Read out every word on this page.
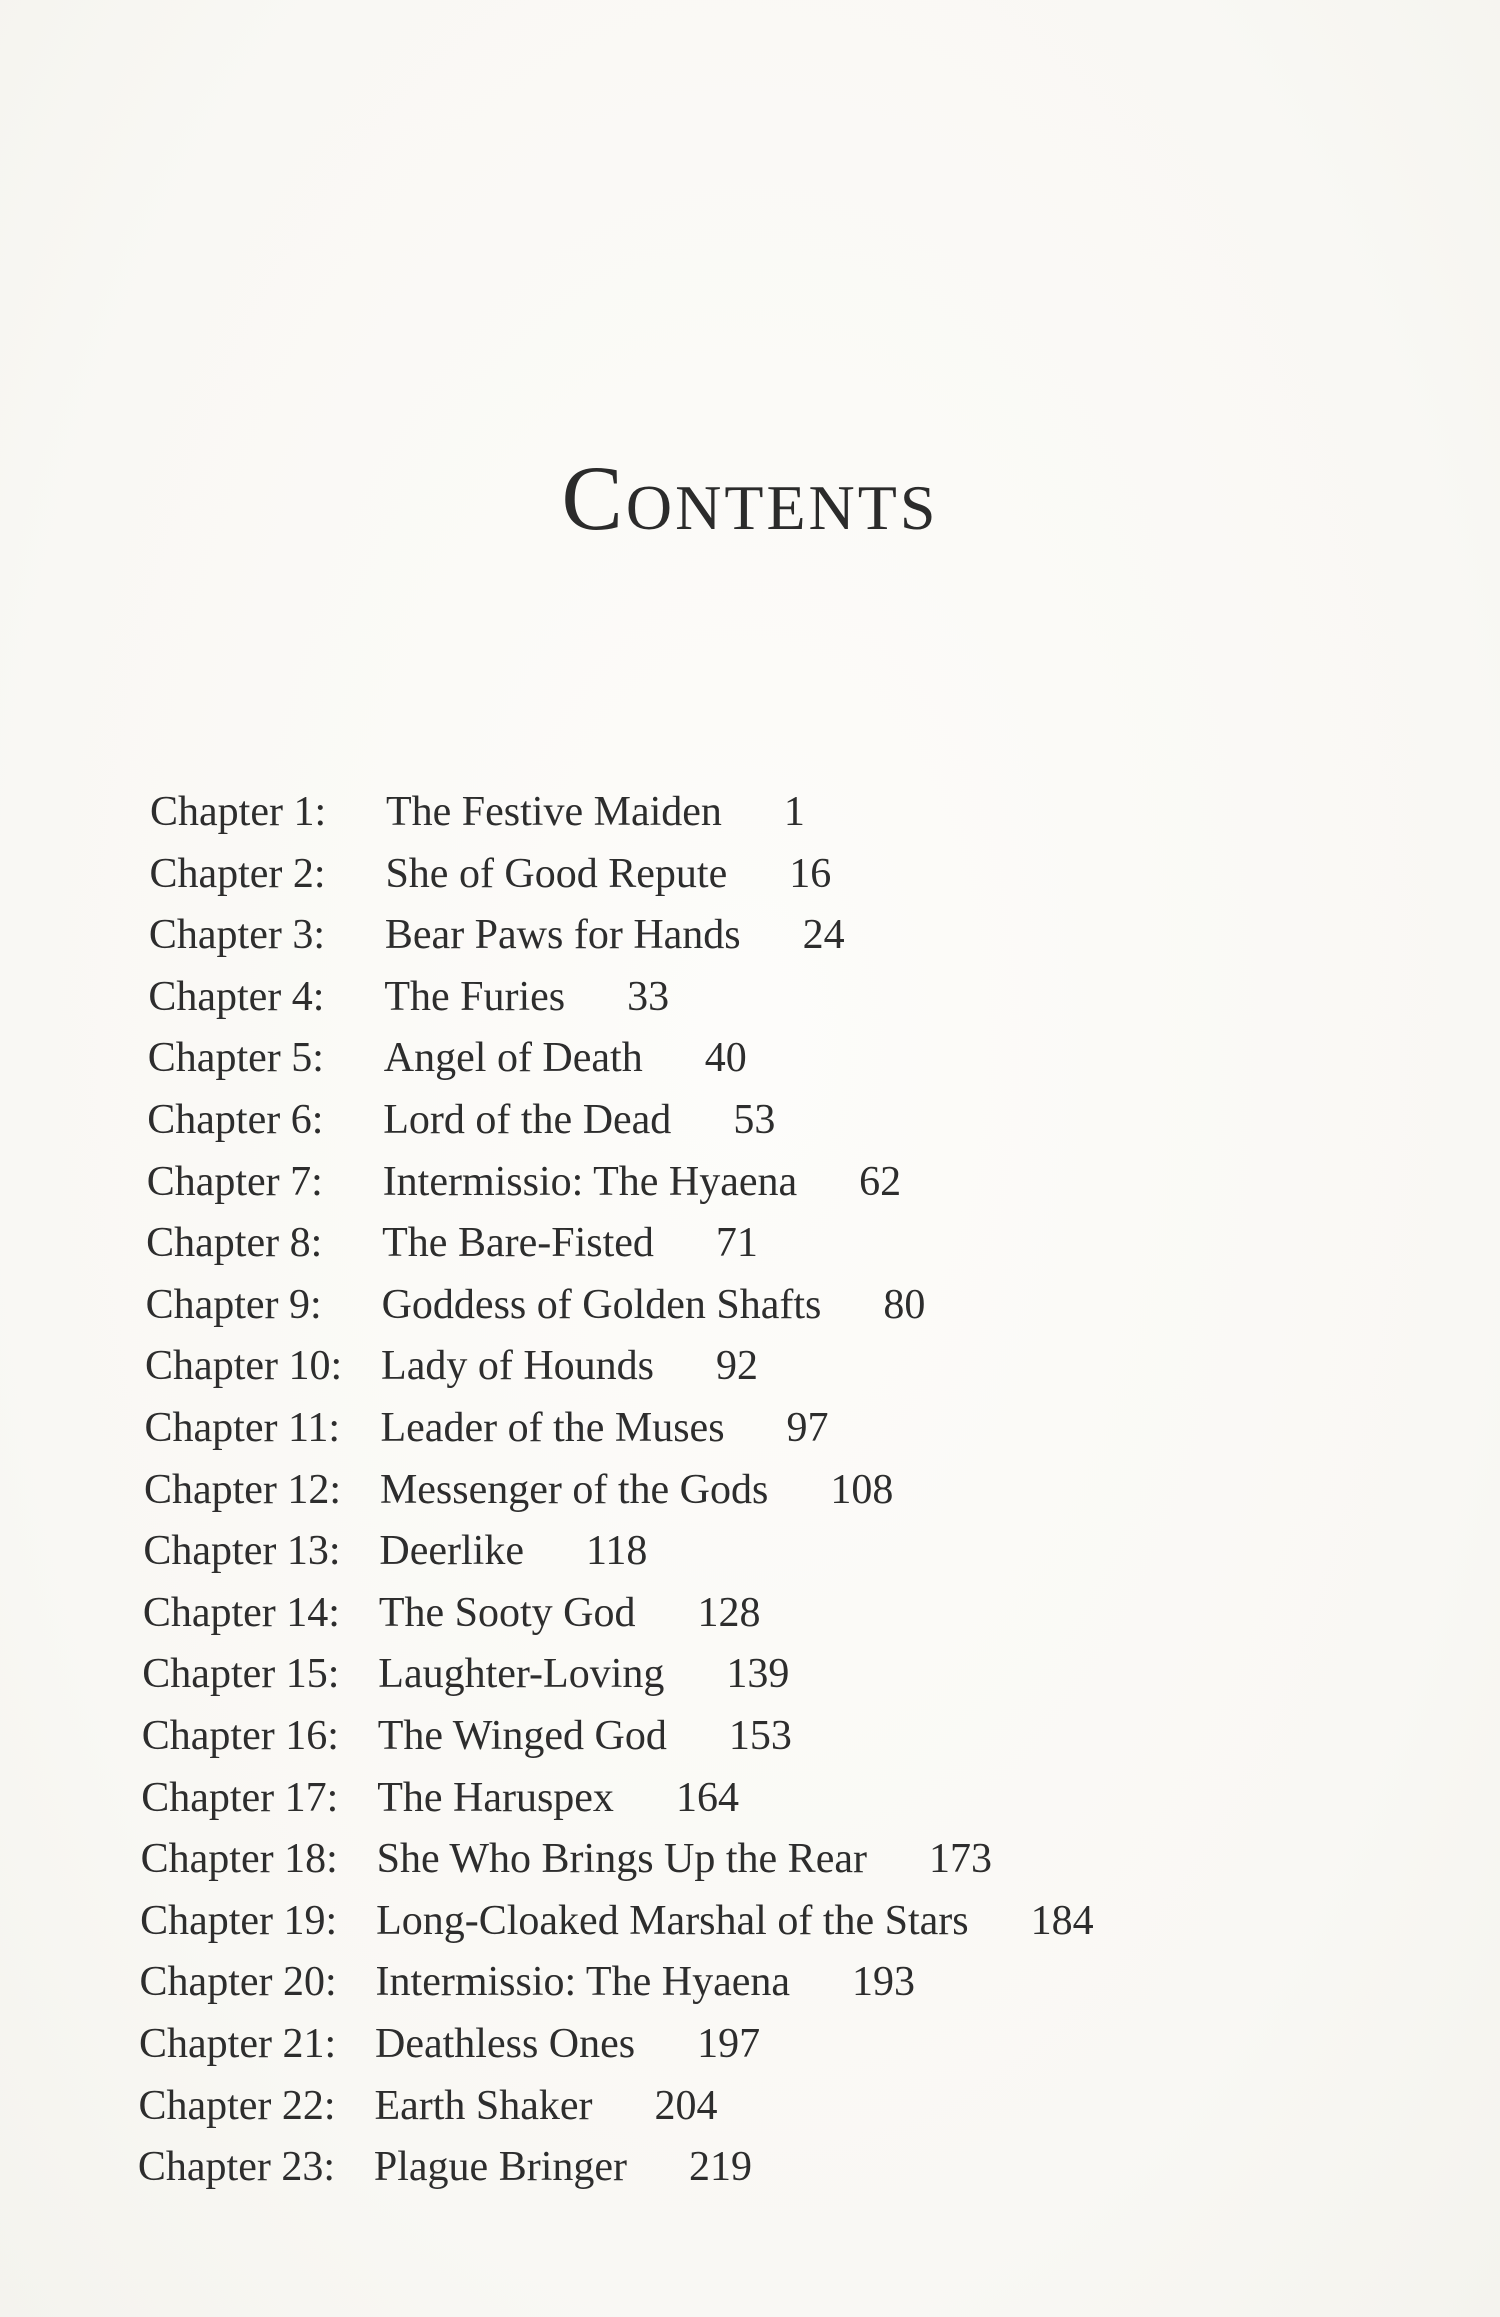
Contents
Chapter 1: The Festive Maiden 1
Chapter 2: She of Good Repute 16
Chapter 3: Bear Paws for Hands 24
Chapter 4: The Furies 33
Chapter 5: Angel of Death 40
Chapter 6: Lord of the Dead 53
Chapter 7: Intermissio: The Hyaena 62
Chapter 8: The Bare-Fisted 71
Chapter 9: Goddess of Golden Shafts 80
Chapter 10: Lady of Hounds 92
Chapter 11: Leader of the Muses 97
Chapter 12: Messenger of the Gods 108
Chapter 13: Deerlike 118
Chapter 14: The Sooty God 128
Chapter 15: Laughter-Loving 139
Chapter 16: The Winged God 153
Chapter 17: The Haruspex 164
Chapter 18: She Who Brings Up the Rear 173
Chapter 19: Long-Cloaked Marshal of the Stars 184
Chapter 20: Intermissio: The Hyaena 193
Chapter 21: Deathless Ones 197
Chapter 22: Earth Shaker 204
Chapter 23: Plague Bringer 219
